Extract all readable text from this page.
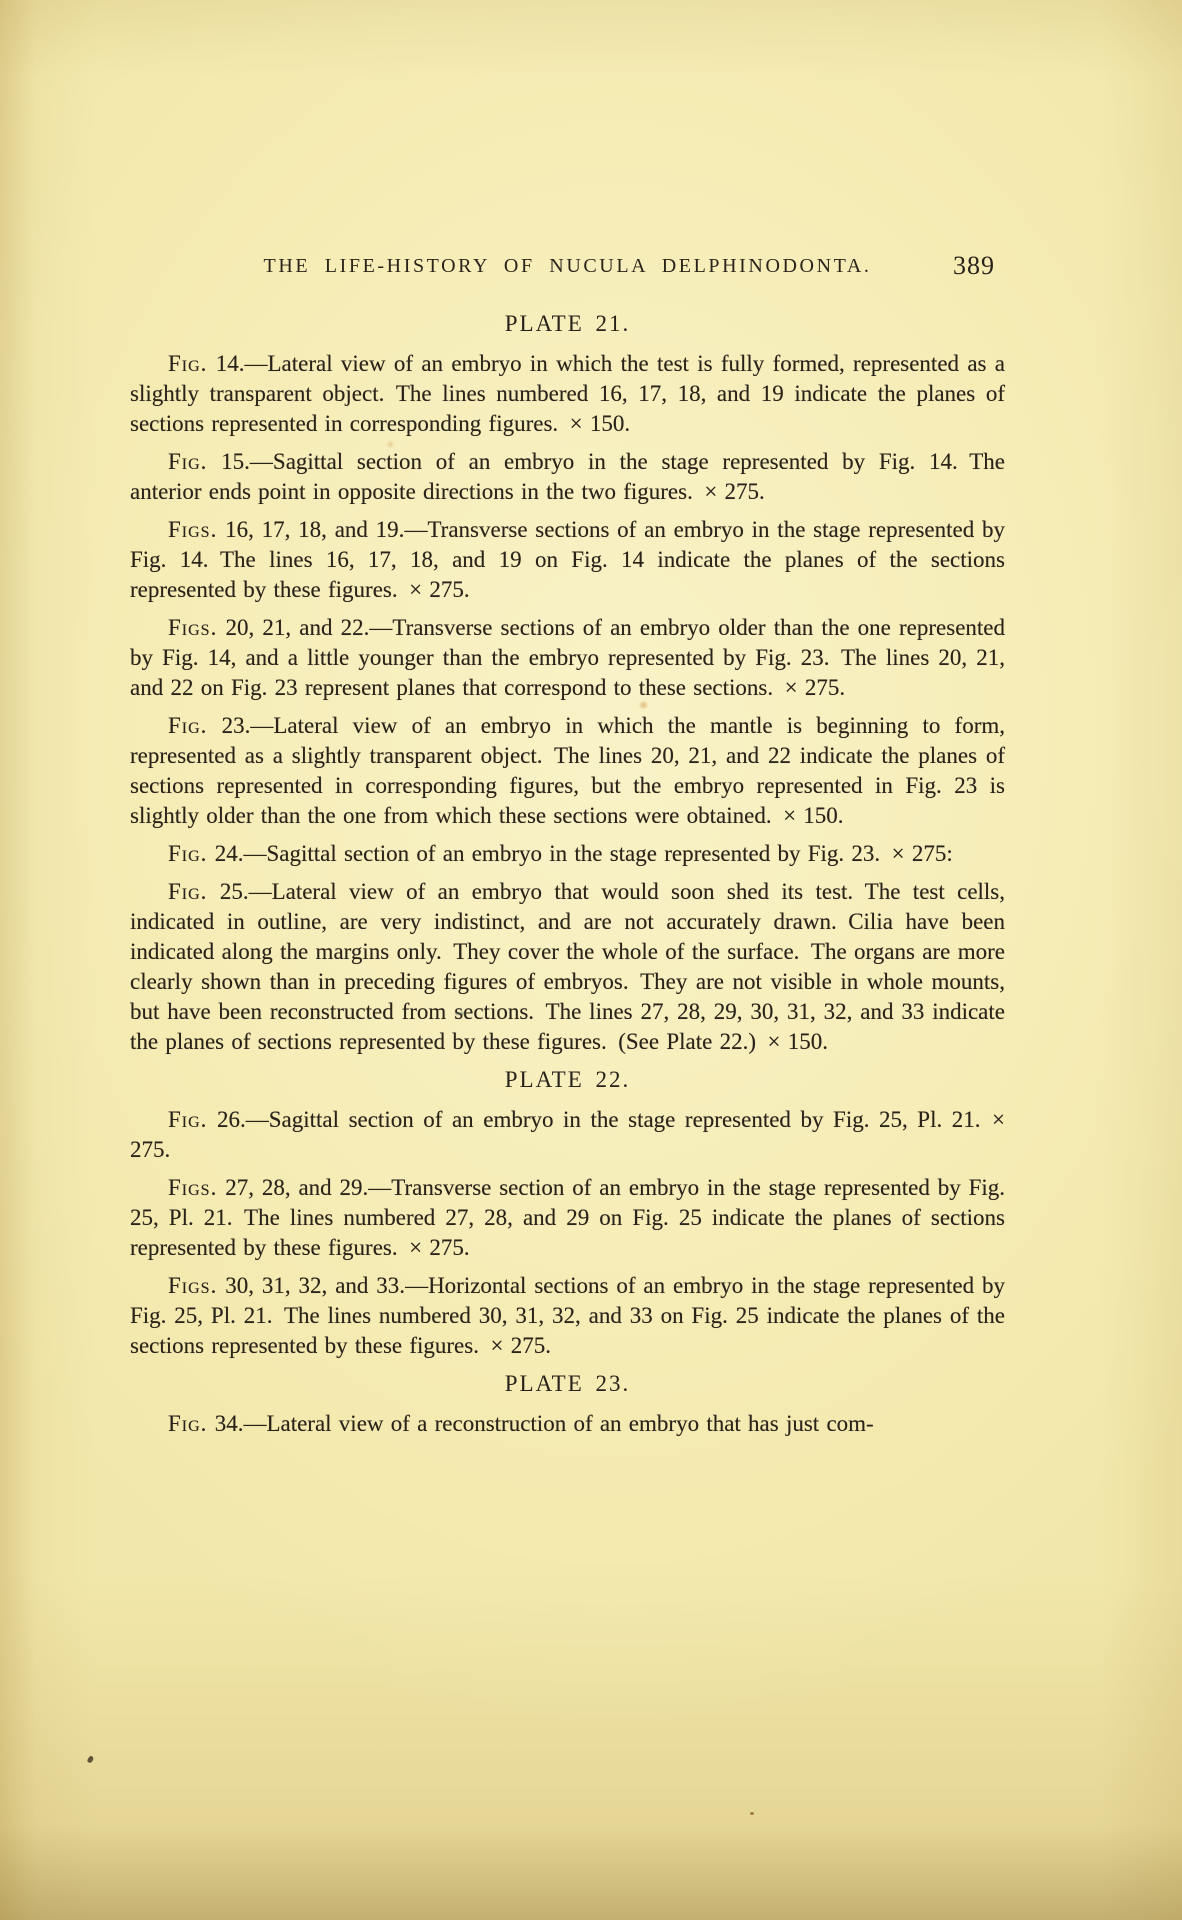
THE LIFE-HISTORY OF NUCULA DELPHINODONTA.	389
PLATE 21.

Fig. 14.—Lateral view of an embryo in which the test is fully formed, represented as a slightly transparent object. The lines numbered 16, 17, 18, and 19 indicate the planes of sections represented in corresponding figures. × 150.

Fig. 15.—Sagittal section of an embryo in the stage represented by Fig. 14. The anterior ends point in opposite directions in the two figures. × 275.

Figs. 16, 17, 18, and 19.—Transverse sections of an embryo in the stage represented by Fig. 14. The lines 16, 17, 18, and 19 on Fig. 14 indicate the planes of the sections represented by these figures. × 275.

Figs. 20, 21, and 22.—Transverse sections of an embryo older than the one represented by Fig. 14, and a little younger than the embryo represented by Fig. 23. The lines 20, 21, and 22 on Fig. 23 represent planes that correspond to these sections. × 275.

Fig. 23.—Lateral view of an embryo in which the mantle is beginning to form, represented as a slightly transparent object. The lines 20, 21, and 22 indicate the planes of sections represented in corresponding figures, but the embryo represented in Fig. 23 is slightly older than the one from which these sections were obtained. × 150.

Fig. 24.—Sagittal section of an embryo in the stage represented by Fig. 23. × 275:

Fig. 25.—Lateral view of an embryo that would soon shed its test. The test cells, indicated in outline, are very indistinct, and are not accurately drawn. Cilia have been indicated along the margins only. They cover the whole of the surface. The organs are more clearly shown than in preceding figures of embryos. They are not visible in whole mounts, but have been reconstructed from sections. The lines 27, 28, 29, 30, 31, 32, and 33 indicate the planes of sections represented by these figures. (See Plate 22.) × 150.

PLATE 22.

Fig. 26.—Sagittal section of an embryo in the stage represented by Fig. 25, Pl. 21. × 275.

Figs. 27, 28, and 29.—Transverse section of an embryo in the stage represented by Fig. 25, Pl. 21. The lines numbered 27, 28, and 29 on Fig. 25 indicate the planes of sections represented by these figures. × 275.

Figs. 30, 31, 32, and 33.—Horizontal sections of an embryo in the stage represented by Fig. 25, Pl. 21. The lines numbered 30, 31, 32, and 33 on Fig. 25 indicate the planes of the sections represented by these figures. × 275.

PLATE 23.

Fig. 34.—Lateral view of a reconstruction of an embryo that has just com-
